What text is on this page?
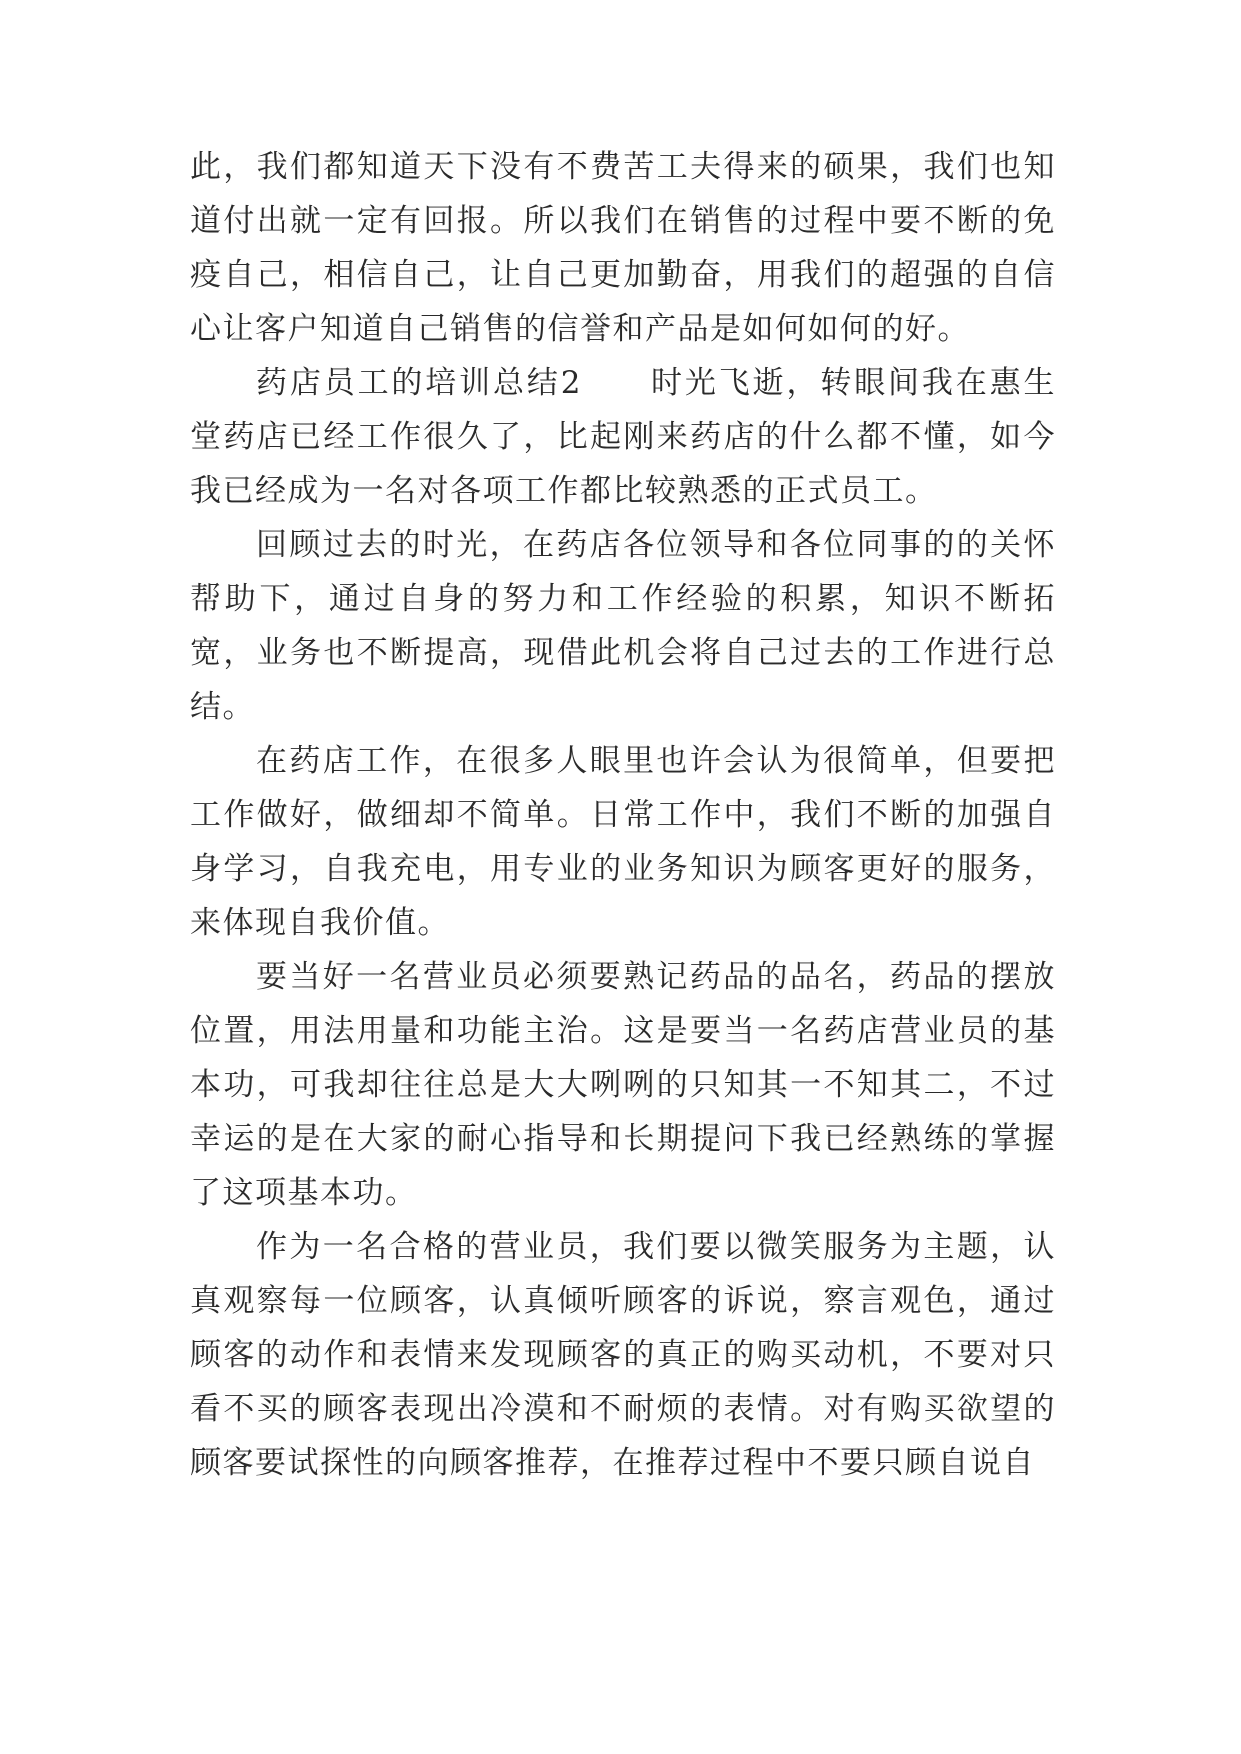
此，我们都知道天下没有不费苦工夫得来的硕果，我们也知道付出就一定有回报。所以我们在销售的过程中要不断的免疫自己，相信自己，让自己更加勤奋，用我们的超强的自信心让客户知道自己销售的信誉和产品是如何如何的好。

药店员工的培训总结2　　时光飞逝，转眼间我在惠生堂药店已经工作很久了，比起刚来药店的什么都不懂，如今我已经成为一名对各项工作都比较熟悉的正式员工。

回顾过去的时光，在药店各位领导和各位同事的的关怀帮助下，通过自身的努力和工作经验的积累，知识不断拓宽，业务也不断提高，现借此机会将自己过去的工作进行总结。

在药店工作，在很多人眼里也许会认为很简单，但要把工作做好，做细却不简单。日常工作中，我们不断的加强自身学习，自我充电，用专业的业务知识为顾客更好的服务，来体现自我价值。

要当好一名营业员必须要熟记药品的品名，药品的摆放位置，用法用量和功能主治。这是要当一名药店营业员的基本功，可我却往往总是大大咧咧的只知其一不知其二，不过幸运的是在大家的耐心指导和长期提问下我已经熟练的掌握了这项基本功。

作为一名合格的营业员，我们要以微笑服务为主题，认真观察每一位顾客，认真倾听顾客的诉说，察言观色，通过顾客的动作和表情来发现顾客的真正的购买动机，不要对只看不买的顾客表现出冷漠和不耐烦的表情。对有购买欲望的顾客要试探性的向顾客推荐，在推荐过程中不要只顾自说自
